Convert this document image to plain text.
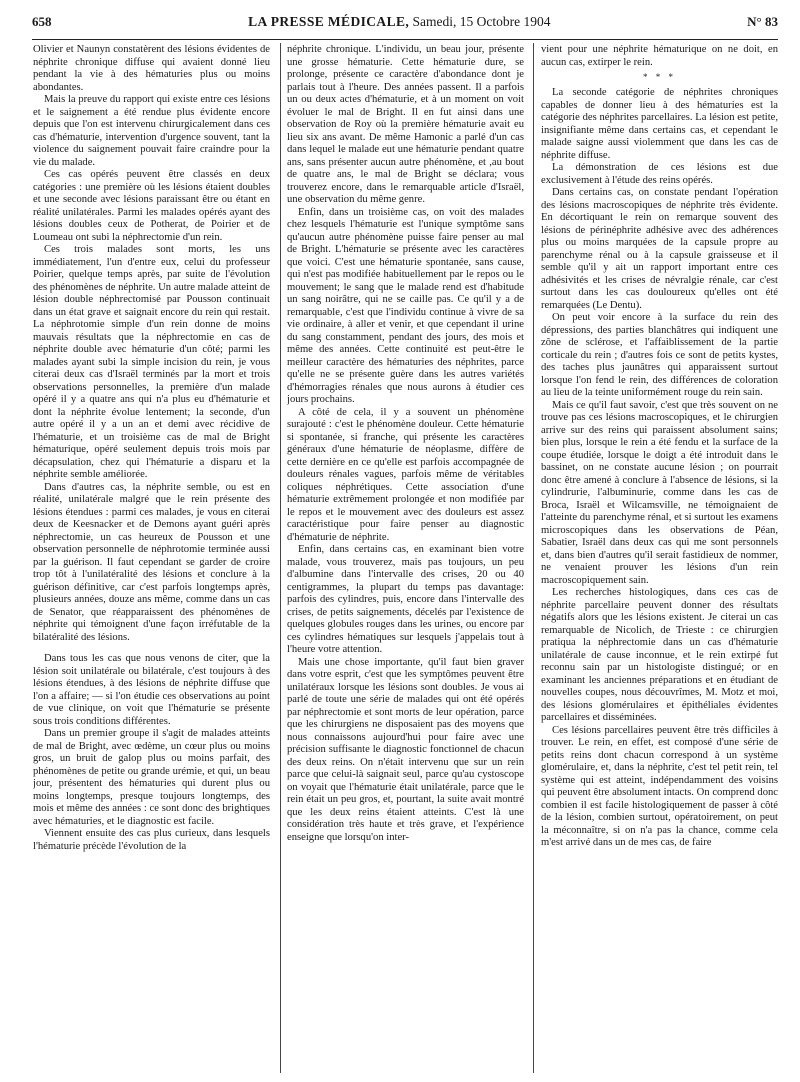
658	LA PRESSE MÉDICALE, Samedi, 15 Octobre 1904	N° 83

Olivier et Naunyn constatèrent des lésions évidentes de néphrite chronique diffuse qui avaient donné lieu pendant la vie à des hématuries plus ou moins abondantes.

Mais la preuve du rapport qui existe entre ces lésions et le saignement a été rendue plus évidente encore depuis que l'on est intervenu chirurgicalement dans ces cas d'hématurie, intervention d'urgence souvent, tant la violence du saignement pouvait faire craindre pour la vie du malade.

Ces cas opérés peuvent être classés en deux catégories : une première où les lésions étaient doubles et une seconde avec lésions paraissant être ou étant en réalité unilatérales. Parmi les malades opérés ayant des lésions doubles ceux de Potherat, de Poirier et de Loumeau ont subi la néphrectomie d'un rein.

Ces trois malades sont morts, les uns immédiatement, l'un d'entre eux, celui du professeur Poirier, quelque temps après, par suite de l'évolution des phénomènes de néphrite. Un autre malade atteint de lésion double néphrectomisé par Pousson continuait dans un état grave et saignait encore du rein qui restait. La néphrotomie simple d'un rein donne de moins mauvais résultats que la néphrectomie en cas de néphrite double avec hématurie d'un côté; parmi les malades ayant subi la simple incision du rein, je vous citerai deux cas d'Israël terminés par la mort et trois observations personnelles, la première d'un malade opéré il y a quatre ans qui n'a plus eu d'hématurie et dont la néphrite évolue lentement; la seconde, d'un autre opéré il y a un an et demi avec récidive de l'hématurie, et un troisième cas de mal de Bright hématurique, opéré seulement depuis trois mois par décapsulation, chez qui l'hématurie a disparu et la néphrite semble améliorée.

Dans d'autres cas, la néphrite semble, ou est en réalité, unilatérale malgré que le rein présente des lésions étendues : parmi ces malades, je vous en citerai deux de Keesnacker et de Demons ayant guéri après néphrectomie, un cas heureux de Pousson et une observation personnelle de néphrotomie terminée aussi par la guérison. Il faut cependant se garder de croire trop tôt à l'unilatéralité des lésions et conclure à la guérison définitive, car c'est parfois longtemps après, plusieurs années, douze ans même, comme dans un cas de Senator, que réapparaissent des phénomènes de néphrite qui témoignent d'une façon irréfutable de la bilatéralité des lésions.

Dans tous les cas que nous venons de citer, que la lésion soit unilatérale ou bilatérale, c'est toujours à des lésions étendues, à des lésions de néphrite diffuse que l'on a affaire; — si l'on étudie ces observations au point de vue clinique, on voit que l'hématurie se présente sous trois conditions différentes.

Dans un premier groupe il s'agit de malades atteints de mal de Bright, avec œdème, un cœur plus ou moins gros, un bruit de galop plus ou moins parfait, des phénomènes de petite ou grande urémie, et qui, un beau jour, présentent des hématuries qui durent plus ou moins longtemps, presque toujours longtemps, des mois et même des années : ce sont donc des brightiques avec hématuries, et le diagnostic est facile.

Viennent ensuite des cas plus curieux, dans lesquels l'hématurie précède l'évolution de la

néphrite chronique. L'individu, un beau jour, présente une grosse hématurie. Cette hématurie dure, se prolonge, présente ce caractère d'abondance dont je parlais tout à l'heure. Des années passent. Il a parfois un ou deux actes d'hématurie, et à un moment on voit évoluer le mal de Bright. Il en fut ainsi dans une observation de Roy où la première hématurie avait eu lieu six ans avant. De même Hamonic a parlé d'un cas dans lequel le malade eut une hématurie pendant quatre ans, sans présenter aucun autre phénomène, et ,au bout de quatre ans, le mal de Bright se déclara; vous trouverez encore, dans le remarquable article d'Israël, une observation du même genre.

Enfin, dans un troisième cas, on voit des malades chez lesquels l'hématurie est l'unique symptôme sans qu'aucun autre phénomène puisse faire penser au mal de Bright. L'hématurie se présente avec les caractères que voici. C'est une hématurie spontanée, sans cause, qui n'est pas modifiée habituellement par le repos ou le mouvement; le sang que le malade rend est d'habitude un sang noirâtre, qui ne se caille pas. Ce qu'il y a de remarquable, c'est que l'individu continue à vivre de sa vie ordinaire, à aller et venir, et que cependant il urine du sang constamment, pendant des jours, des mois et même des années. Cette continuité est peut-être le meilleur caractère des hématuries des néphrites, parce qu'elle ne se présente guère dans les autres variétés d'hémorragies rénales que nous aurons à étudier ces jours prochains.

A côté de cela, il y a souvent un phénomène surajouté : c'est le phénomène douleur. Cette hématurie si spontanée, si franche, qui présente les caractères généraux d'une hématurie de néoplasme, diffère de cette dernière en ce qu'elle est parfois accompagnée de douleurs rénales vagues, parfois même de véritables coliques néphrétiques. Cette association d'une hématurie extrêmement prolongée et non modifiée par le repos et le mouvement avec des douleurs est assez caractéristique pour faire penser au diagnostic d'hématurie de néphrite.

Enfin, dans certains cas, en examinant bien votre malade, vous trouverez, mais pas toujours, un peu d'albumine dans l'intervalle des crises, 20 ou 40 centigrammes, la plupart du temps pas davantage: parfois des cylindres, puis, encore dans l'intervalle des crises, de petits saignements, décelés par l'existence de quelques globules rouges dans les urines, ou encore par ces cylindres hématiques sur lesquels j'appelais tout à l'heure votre attention.

Mais une chose importante, qu'il faut bien graver dans votre esprit, c'est que les symptômes peuvent être unilatéraux lorsque les lésions sont doubles. Je vous ai parlé de toute une série de malades qui ont été opérés par néphrectomie et sont morts de leur opération, parce que les chirurgiens ne disposaient pas des moyens que nous connaissons aujourd'hui pour faire avec une précision suffisante le diagnostic fonctionnel de chacun des deux reins. On n'était intervenu que sur un rein parce que celui-là saignait seul, parce qu'au cystoscope on voyait que l'hématurie était unilatérale, parce que le rein était un peu gros, et, pourtant, la suite avait montré que les deux reins étaient atteints. C'est là une considération très haute et très grave, et l'expérience enseigne que lorsqu'on inter-

vient pour une néphrite hématurique on ne doit, en aucun cas, extirper le rein.

* * *

La seconde catégorie de néphrites chroniques capables de donner lieu à des hématuries est la catégorie des néphrites parcellaires. La lésion est petite, insignifiante même dans certains cas, et cependant le malade saigne aussi violemment que dans les cas de néphrite diffuse.

La démonstration de ces lésions est due exclusivement à l'étude des reins opérés.

Dans certains cas, on constate pendant l'opération des lésions macroscopiques de néphrite très évidente. En décortiquant le rein on remarque souvent des lésions de périnéphrite adhésive avec des adhérences plus ou moins marquées de la capsule propre au parenchyme rénal ou à la capsule graisseuse et il semble qu'il y ait un rapport important entre ces adhésivités et les crises de névralgie rénale, car c'est surtout dans les cas douloureux qu'elles ont été remarquées (Le Dentu).

On peut voir encore à la surface du rein des dépressions, des parties blanchâtres qui indiquent une zône de sclérose, et l'affaiblissement de la partie corticale du rein ; d'autres fois ce sont de petits kystes, des taches plus jaunâtres qui apparaissent surtout lorsque l'on fend le rein, des différences de coloration au lieu de la teinte uniformément rouge du rein sain.

Mais ce qu'il faut savoir, c'est que très souvent on ne trouve pas ces lésions macroscopiques, et le chirurgien arrive sur des reins qui paraissent absolument sains; bien plus, lorsque le rein a été fendu et la surface de la coupe étudiée, lorsque le doigt a été introduit dans le bassinet, on ne constate aucune lésion ; on pourrait donc être amené à conclure à l'absence de lésions, si la cylindrurie, l'albuminurie, comme dans les cas de Broca, Israël et Wilcamsville, ne témoignaient de l'atteinte du parenchyme rénal, et si surtout les examens microscopiques dans les observations de Péan, Sabatier, Israël dans deux cas qui me sont personnels et, dans bien d'autres qu'il serait fastidieux de nommer, ne venaient prouver les lésions d'un rein macroscopiquement sain.

Les recherches histologiques, dans ces cas de néphrite parcellaire peuvent donner des résultats négatifs alors que les lésions existent. Je citerai un cas remarquable de Nicolich, de Trieste : ce chirurgien pratiqua la néphrectomie dans un cas d'hématurie unilatérale de cause inconnue, et le rein extirpé fut reconnu sain par un histologiste distingué; or en examinant les anciennes préparations et en étudiant de nouvelles coupes, nous découvrîmes, M. Motz et moi, des lésions glomérulaires et épithéliales évidentes parcellaires et disséminées.

Ces lésions parcellaires peuvent être très difficiles à trouver. Le rein, en effet, est composé d'une série de petits reins dont chacun correspond à un système glomérulaire, et, dans la néphrite, c'est tel petit rein, tel système qui est atteint, indépendamment des voisins qui peuvent être absolument intacts. On comprend donc combien il est facile histologiquement de passer à côté de la lésion, combien surtout, opératoirement, on peut la méconnaître, si on n'a pas la chance, comme cela m'est arrivé dans un de mes cas, de faire
